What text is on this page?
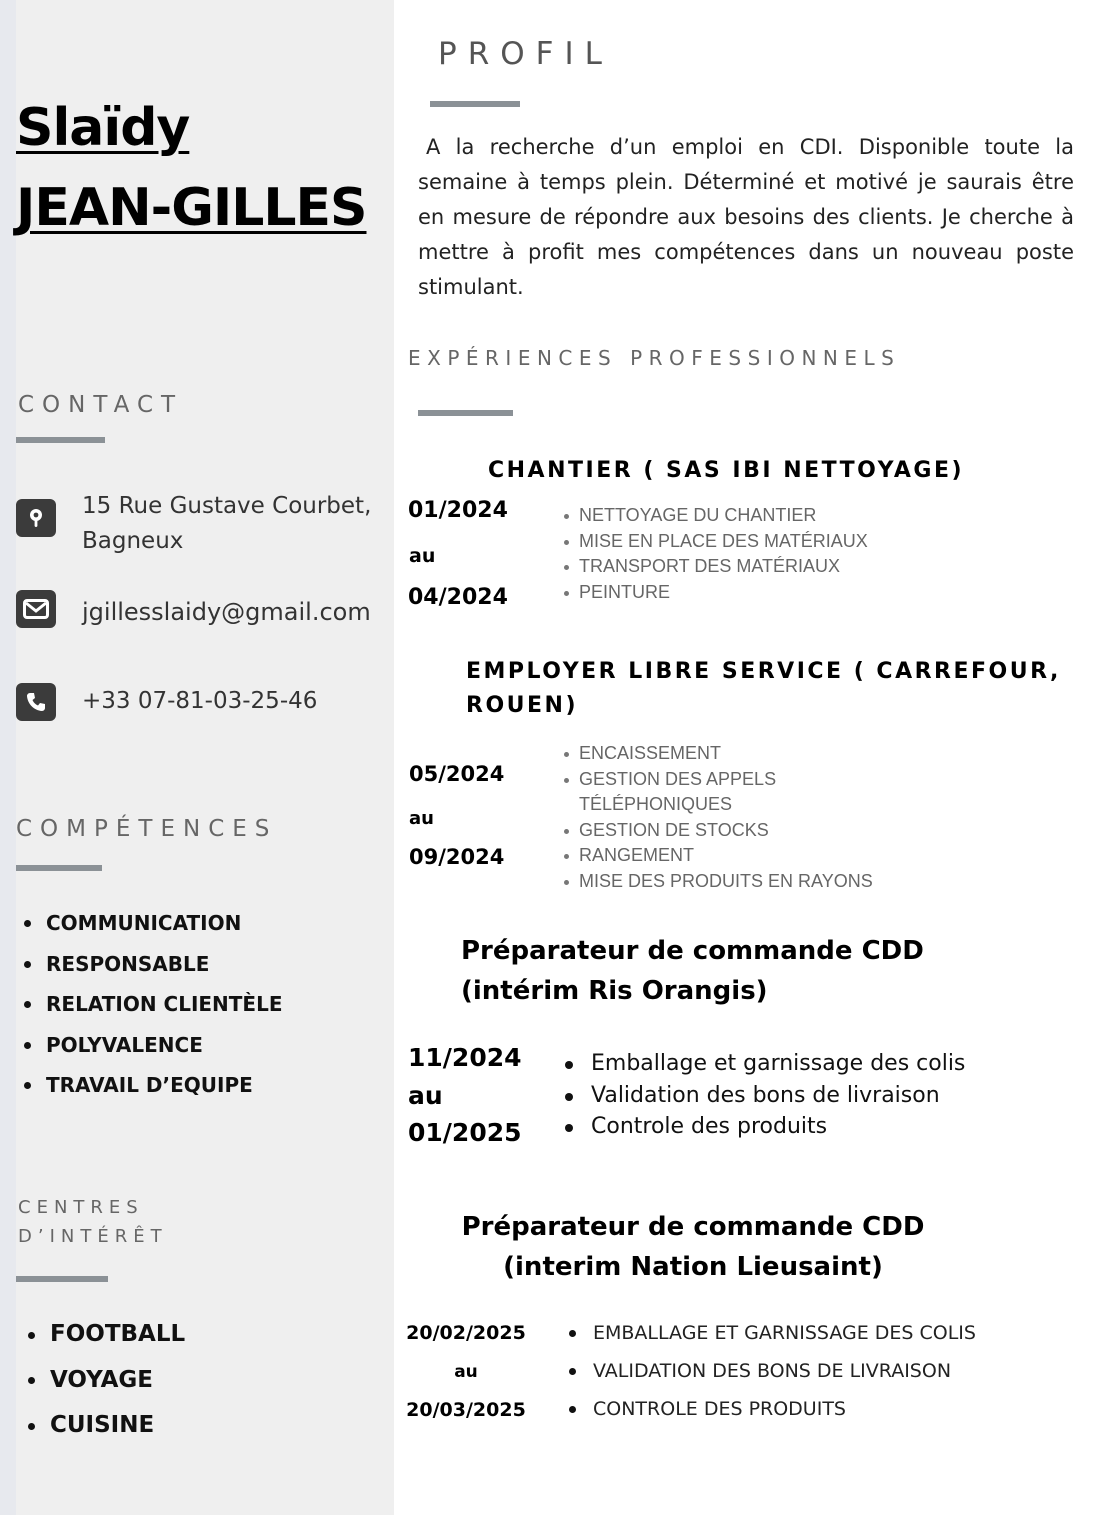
Slaïdy
JEAN-GILLES
CONTACT
15 Rue Gustave Courbet,
Bagneux
jgillesslaidy@gmail.com
+33 07-81-03-25-46
COMPÉTENCES
COMMUNICATION
RESPONSABLE
RELATION CLIENTÈLE
POLYVALENCE
TRAVAIL D’EQUIPE
CENTRES
D’INTÉRÊT
FOOTBALL
VOYAGE
CUISINE
PROFIL

A la recherche d’un emploi en CDI. Disponible toute la semaine à temps plein. Déterminé et motivé je saurais être en mesure de répondre aux besoins des clients. Je cherche à mettre à profit mes compétences dans un nouveau poste stimulant.

EXPÉRIENCES PROFESSIONNELS
CHANTIER ( SAS IBI NETTOYAGE)
01/2024
au
04/2024
NETTOYAGE DU CHANTIER
MISE EN PLACE DES MATÉRIAUX
TRANSPORT DES MATÉRIAUX
PEINTURE
EMPLOYER LIBRE SERVICE ( CARREFOUR,
ROUEN)
05/2024
au
09/2024
ENCAISSEMENT
GESTION DES APPELS TÉLÉPHONIQUES
GESTION DE STOCKS
RANGEMENT
MISE DES PRODUITS EN RAYONS
Préparateur de commande CDD
(intérim Ris Orangis)
11/2024
au
01/2025
Emballage et garnissage des colis
Validation des bons de livraison
Controle des produits
Préparateur de commande CDD
(interim Nation Lieusaint)
20/02/2025
au
20/03/2025
EMBALLAGE ET GARNISSAGE DES COLIS
VALIDATION DES BONS DE LIVRAISON
CONTROLE DES PRODUITS
